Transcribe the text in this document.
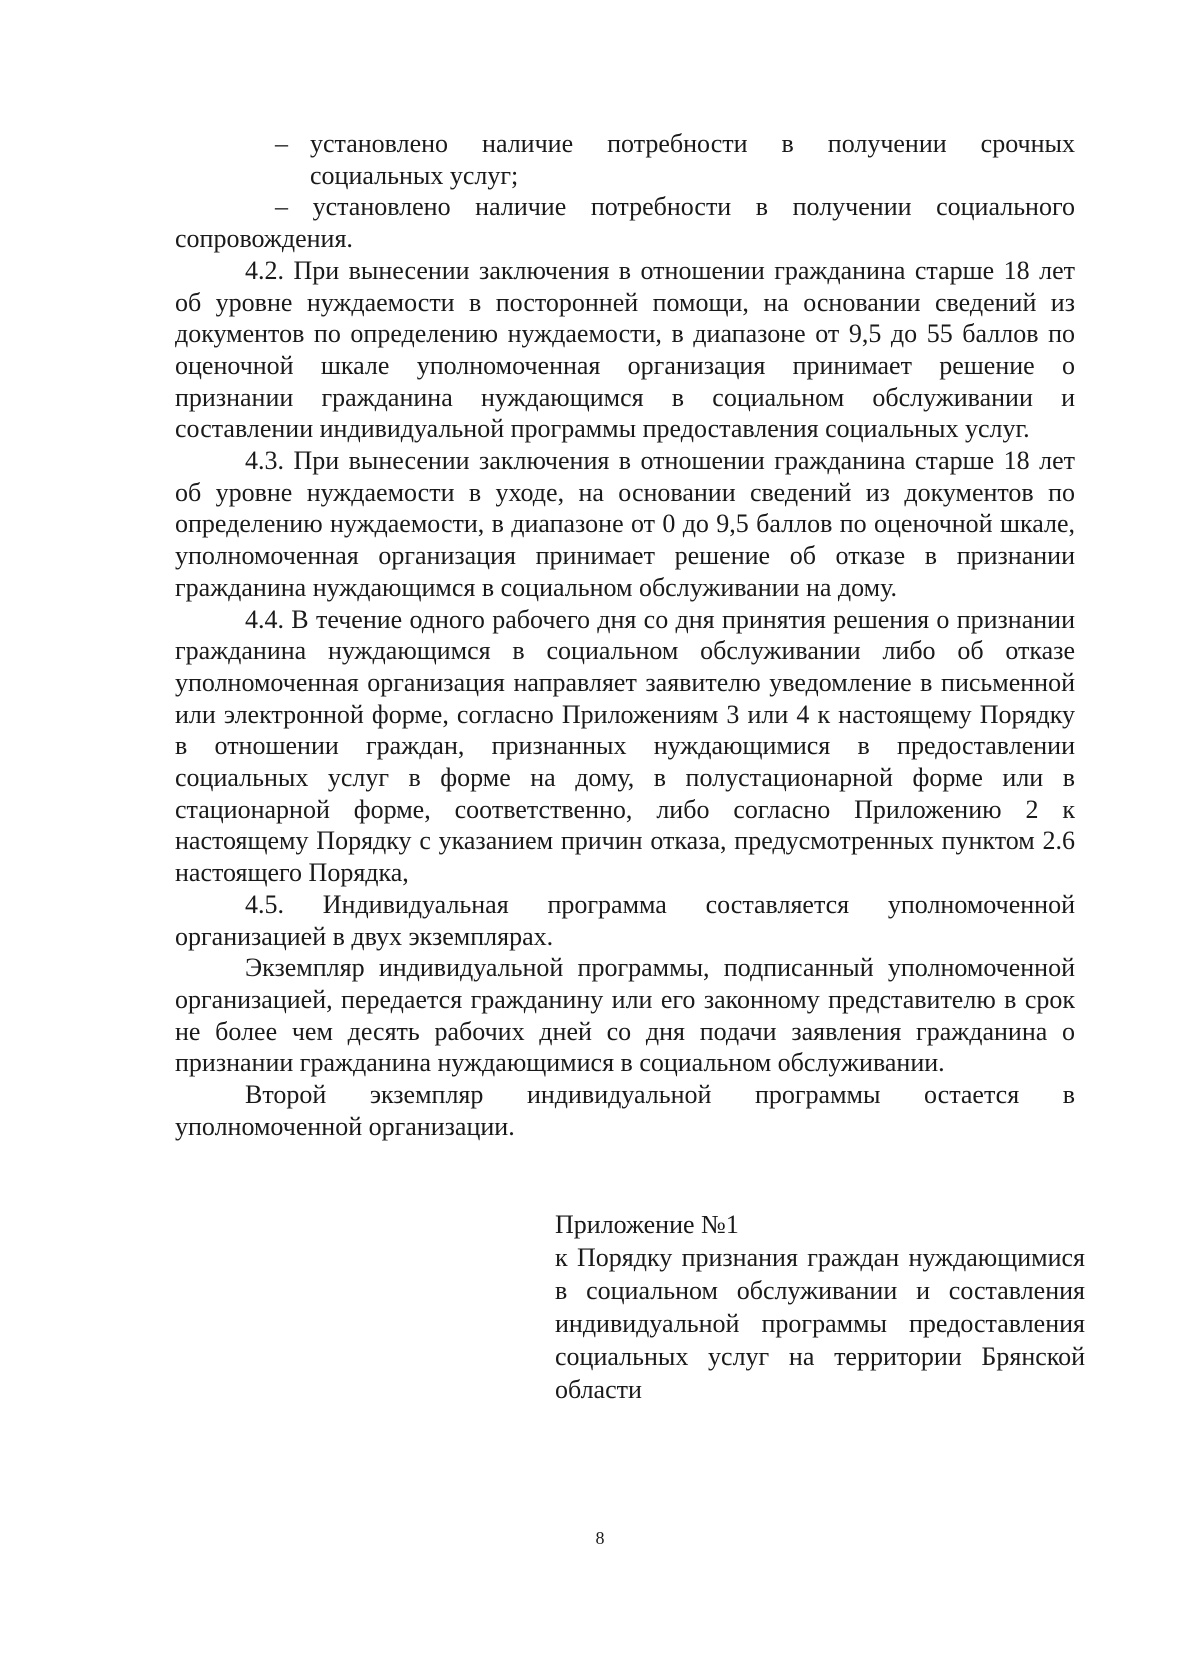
– установлено наличие потребности в получении срочных социальных услуг;

– установлено наличие потребности в получении социального сопровождения.

4.2. При вынесении заключения в отношении гражданина старше 18 лет об уровне нуждаемости в посторонней помощи, на основании сведений из документов по определению нуждаемости, в диапазоне от 9,5 до 55 баллов по оценочной шкале уполномоченная организация принимает решение о признании гражданина нуждающимся в социальном обслуживании и составлении индивидуальной программы предоставления социальных услуг.

4.3. При вынесении заключения в отношении гражданина старше 18 лет об уровне нуждаемости в уходе, на основании сведений из документов по определению нуждаемости, в диапазоне от 0 до 9,5 баллов по оценочной шкале, уполномоченная организация принимает решение об отказе в признании гражданина нуждающимся в социальном обслуживании на дому.

4.4. В течение одного рабочего дня со дня принятия решения о признании гражданина нуждающимся в социальном обслуживании либо об отказе уполномоченная организация направляет заявителю уведомление в письменной или электронной форме, согласно Приложениям 3 или 4 к настоящему Порядку в отношении граждан, признанных нуждающимися в предоставлении социальных услуг в форме на дому, в полустационарной форме или в стационарной форме, соответственно, либо согласно Приложению 2 к настоящему Порядку с указанием причин отказа, предусмотренных пунктом 2.6 настоящего Порядка,

4.5. Индивидуальная программа составляется уполномоченной организацией в двух экземплярах.

Экземпляр индивидуальной программы, подписанный уполномоченной организацией, передается гражданину или его законному представителю в срок не более чем десять рабочих дней со дня подачи заявления гражданина о признании гражданина нуждающимися в социальном обслуживании.

Второй экземпляр индивидуальной программы остается в уполномоченной организации.

Приложение №1

к Порядку признания граждан нуждающимися в социальном обслуживании и составления индивидуальной программы предоставления социальных услуг на территории Брянской области

8
